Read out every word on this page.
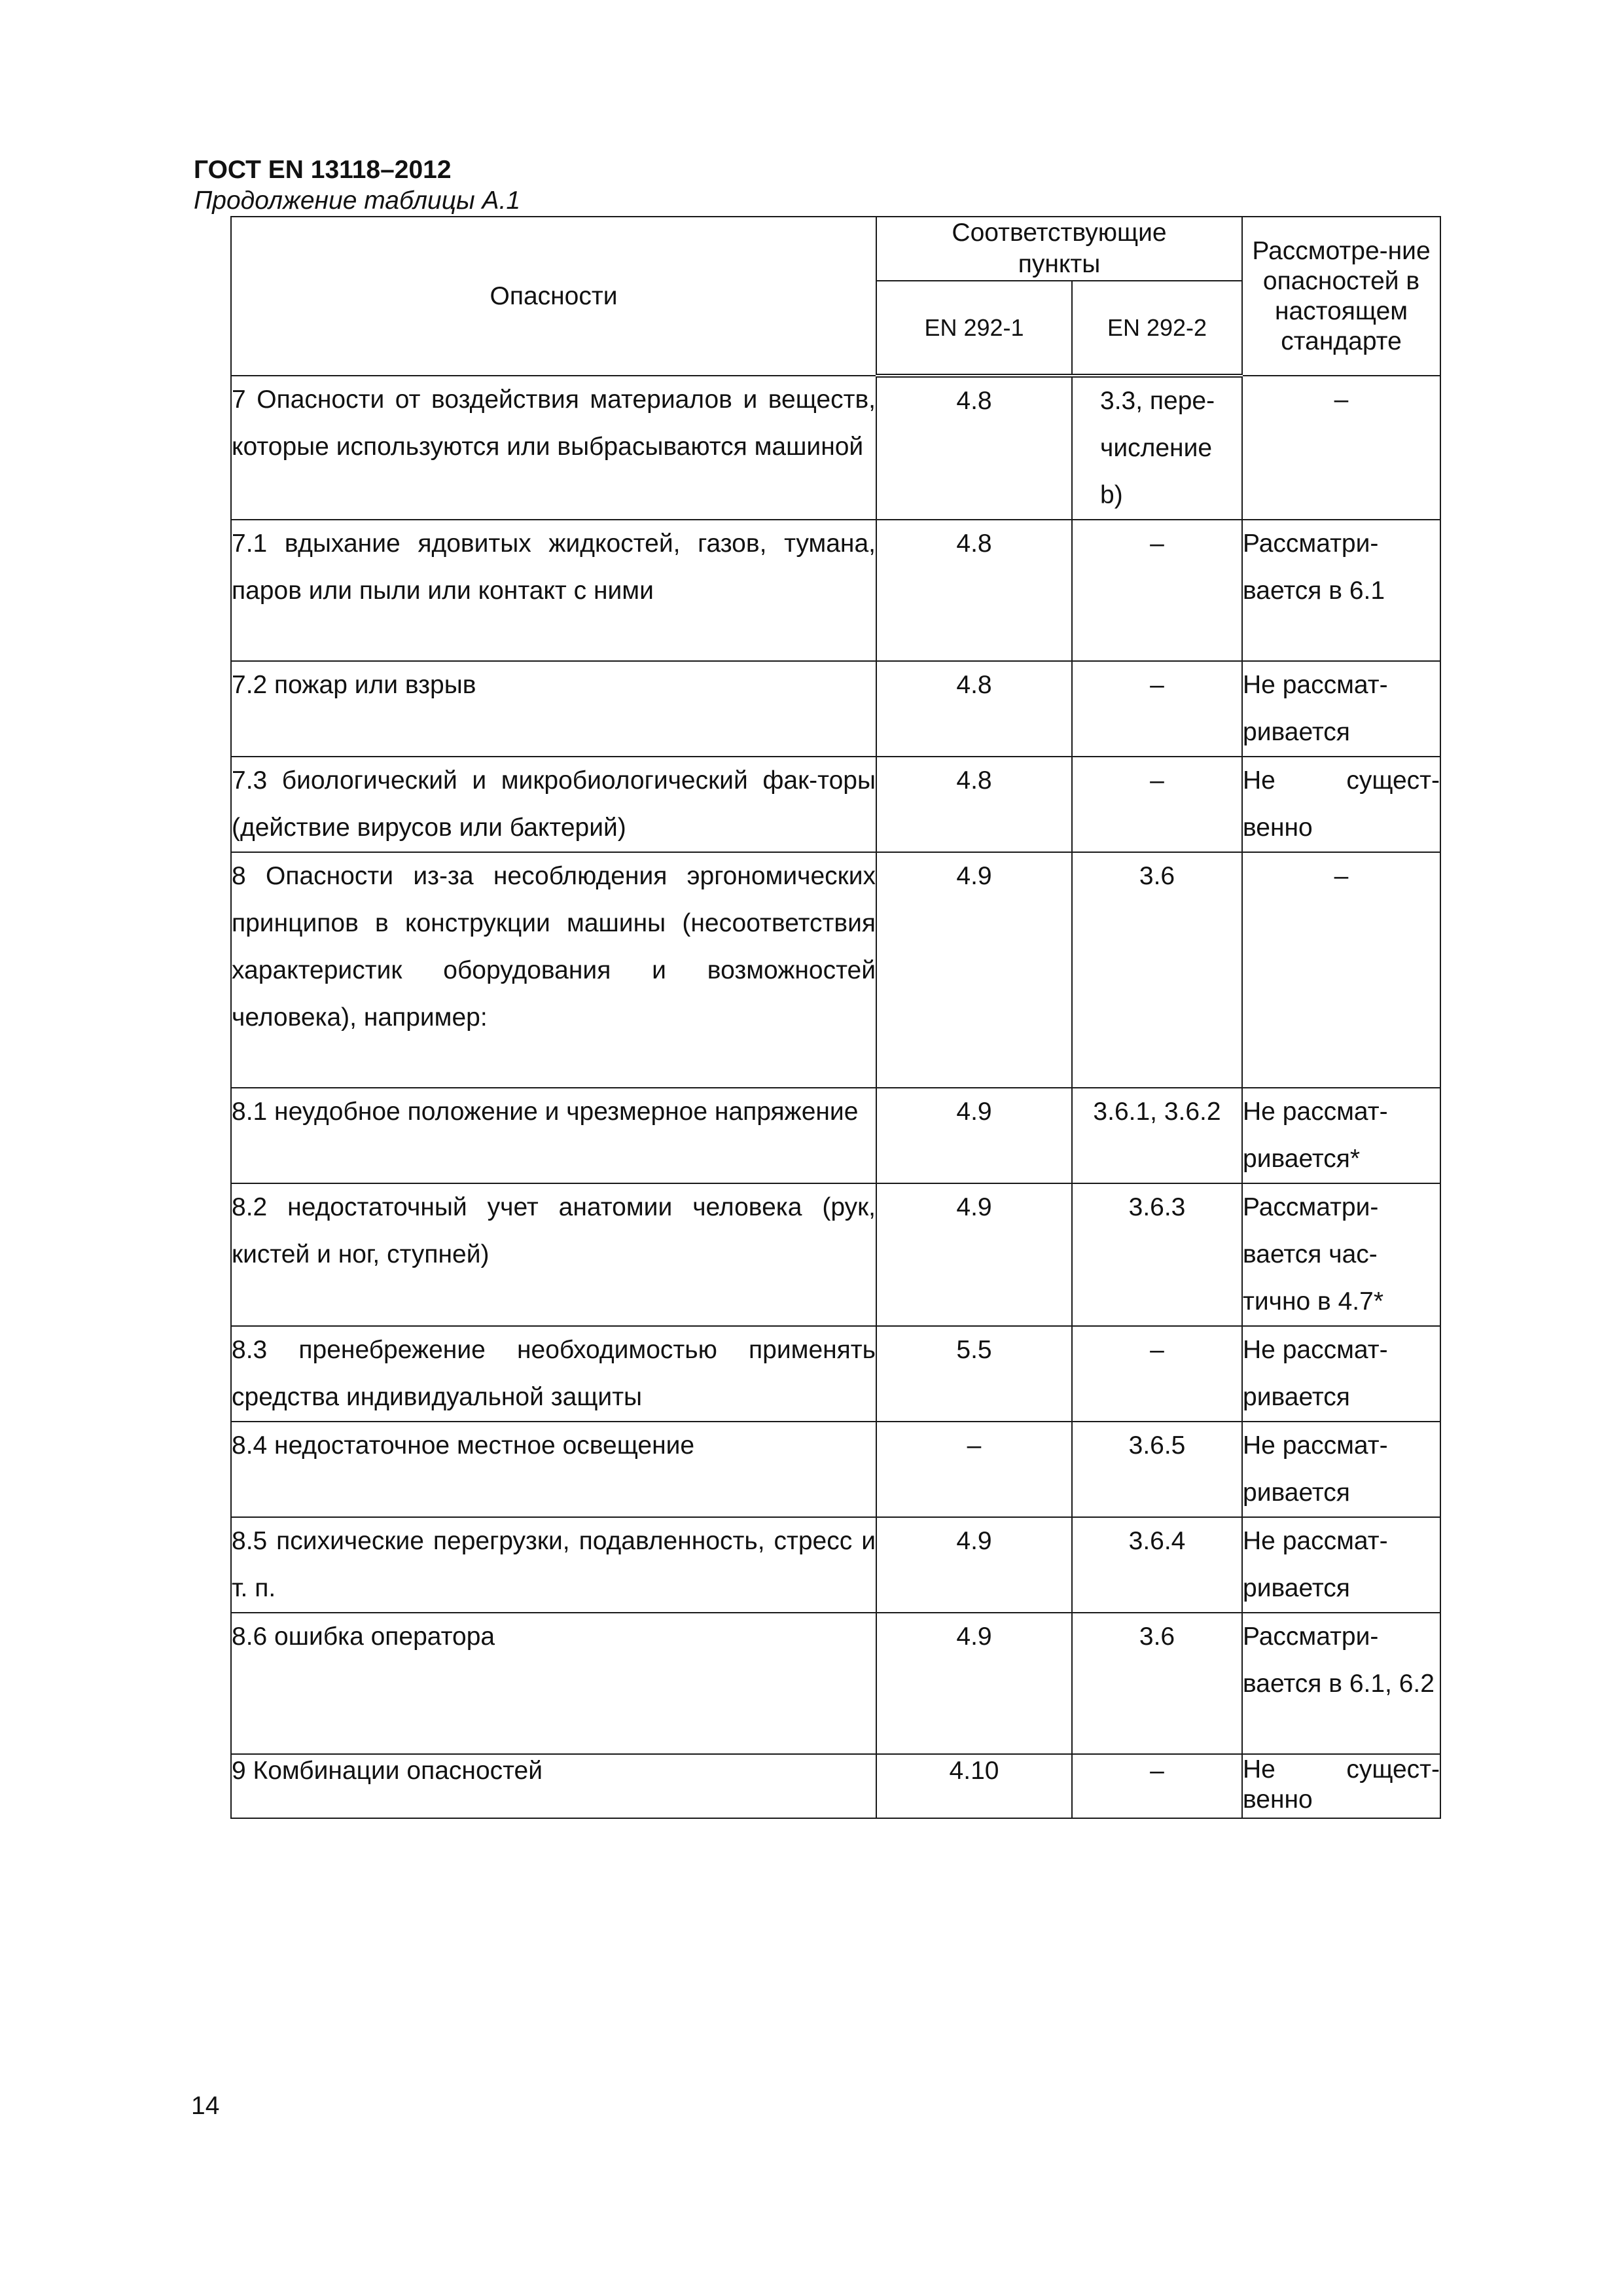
ГОСТ EN 13118–2012
Продолжение таблицы А.1
Опасности	Соответствующие пункты		Рассмотре-ние опасностей в настоящем стандарте
	EN 292-1	EN 292-2	
7 Опасности от воздействия материалов и веществ, которые используются или выбрасываются машиной	4.8	3.3, пере-числение b)	–
7.1 вдыхание ядовитых жидкостей, газов, тумана, паров или пыли или контакт с ними	4.8	–	Рассматри-вается в 6.1
7.2 пожар или взрыв	4.8	–	Не рассмат-ривается
7.3 биологический и микробиологический фак-торы (действие вирусов или бактерий)	4.8	–	Не сущест-венно

8 Опасности из-за несоблюдения эргономических принципов в конструкции машины (несоответствия характеристик оборудования и возможностей человека), например:	4.9	3.6	–
8.1 неудобное положение и чрезмерное напряжение	4.9	3.6.1, 3.6.2	Не рассмат-ривается*
8.2 недостаточный учет анатомии человека (рук, кистей и ног, ступней)	4.9	3.6.3	Рассматри-вается час-тично в 4.7*
8.3 пренебрежение необходимостью применять средства индивидуальной защиты	5.5	–	Не рассмат-ривается
8.4 недостаточное местное освещение	–	3.6.5	Не рассмат-ривается
8.5 психические перегрузки, подавленность, стресс и т. п.	4.9	3.6.4	Не рассмат-ривается
8.6 ошибка оператора	4.9	3.6	Рассматри-вается в 6.1, 6.2
9 Комбинации опасностей	4.10	–	Не сущест-венно
14
